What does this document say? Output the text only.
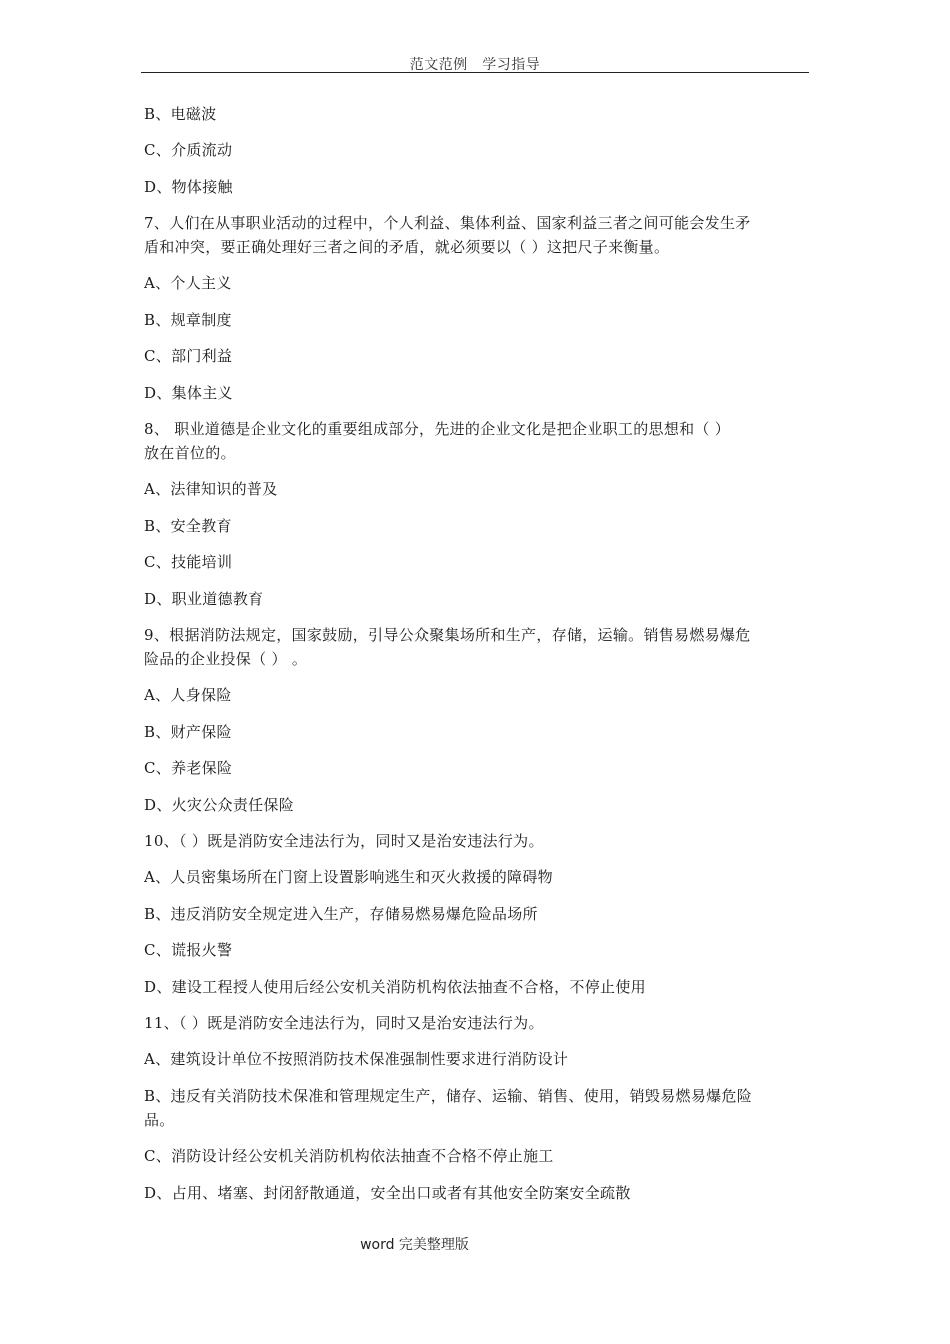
范文范例　学习指导
B、电磁波
C、介质流动
D、物体接触
7、人们在从事职业活动的过程中，个人利益、集体利益、国家利益三者之间可能会发生矛
盾和冲突，要正确处理好三者之间的矛盾，就必须要以（ ）这把尺子来衡量。
A、个人主义
B、规章制度
C、部门利益
D、集体主义
8、 职业道德是企业文化的重要组成部分，先进的企业文化是把企业职工的思想和（ ）
放在首位的。
A、法律知识的普及
B、安全教育
C、技能培训
D、职业道德教育
9、根据消防法规定，国家鼓励，引导公众聚集场所和生产，存储，运输。销售易燃易爆危
险品的企业投保（ ） 。
A、人身保险
B、财产保险
C、养老保险
D、火灾公众责任保险
10、（ ）既是消防安全违法行为，同时又是治安违法行为。
A、人员密集场所在门窗上设置影响逃生和灭火救援的障碍物
B、违反消防安全规定进入生产，存储易燃易爆危险品场所
C、谎报火警
D、建设工程授人使用后经公安机关消防机构依法抽查不合格，不停止使用
11、（ ）既是消防安全违法行为，同时又是治安违法行为。
A、建筑设计单位不按照消防技术保准强制性要求进行消防设计
B、违反有关消防技术保准和管理规定生产，储存、运输、销售、使用，销毁易燃易爆危险
品。
C、消防设计经公安机关消防机构依法抽查不合格不停止施工
D、占用、堵塞、封闭舒散通道，安全出口或者有其他安全防案安全疏散
word 完美整理版
